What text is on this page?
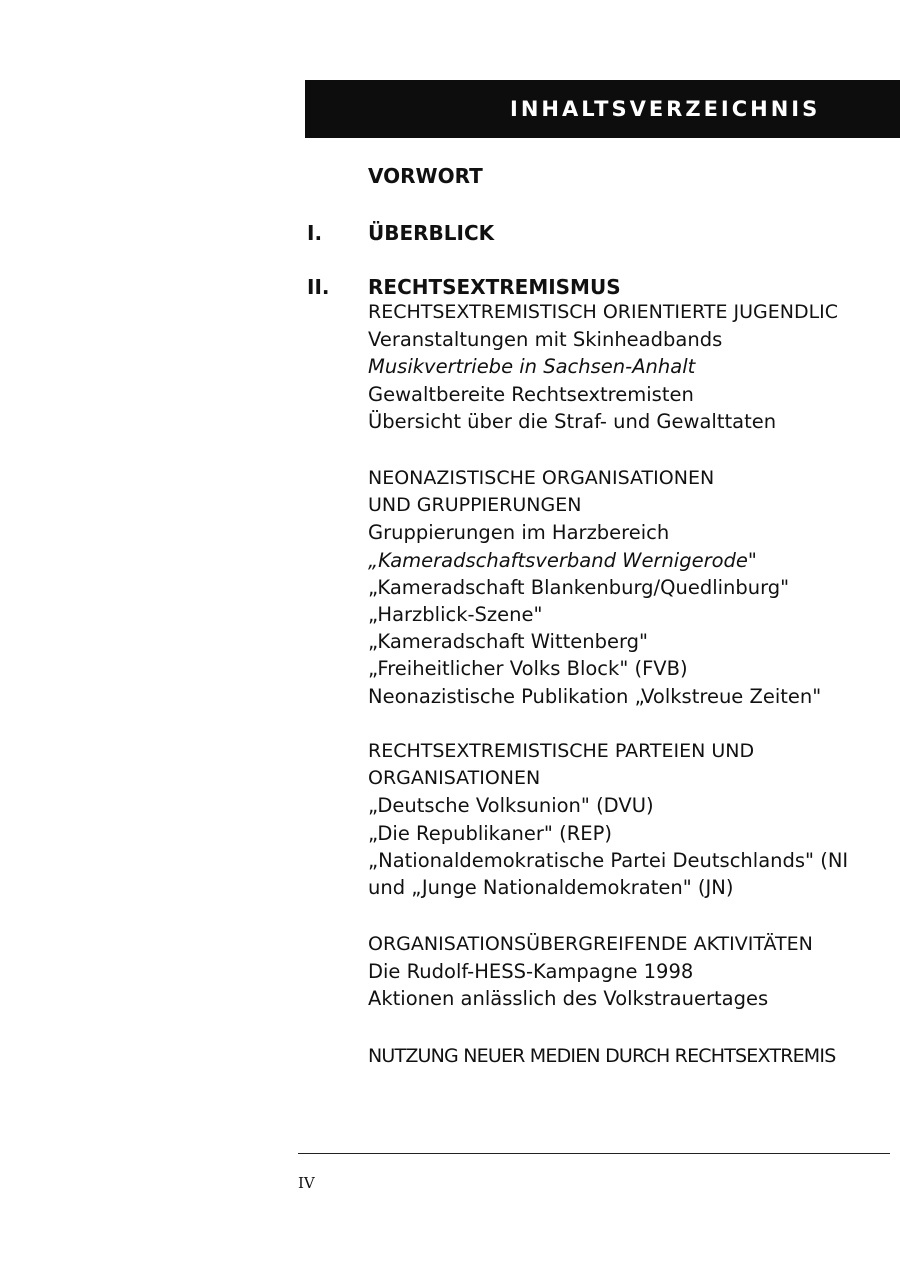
INHALTSVERZEICHNIS
VORWORT
I. ÜBERBLICK
II. RECHTSEXTREMISMUS
RECHTSEXTREMISTISCH ORIENTIERTE JUGENDLIC
Veranstaltungen mit Skinheadbands
Musikvertriebe in Sachsen-Anhalt
Gewaltbereite Rechtsextremisten
Übersicht über die Straf- und Gewalttaten
NEONAZISTISCHE ORGANISATIONEN
UND GRUPPIERUNGEN
Gruppierungen im Harzbereich
„Kameradschaftsverband Wernigerode"
„Kameradschaft Blankenburg/Quedlinburg"
„Harzblick-Szene"
„Kameradschaft Wittenberg"
„Freiheitlicher Volks Block" (FVB)
Neonazistische Publikation „Volkstreue Zeiten"
RECHTSEXTREMISTISCHE PARTEIEN UND
ORGANISATIONEN
„Deutsche Volksunion" (DVU)
„Die Republikaner" (REP)
„Nationaldemokratische Partei Deutschlands" (NI
und „Junge Nationaldemokraten" (JN)
ORGANISATIONSÜBERGREIFENDE AKTIVITÄTEN
Die Rudolf-HESS-Kampagne 1998
Aktionen anlässlich des Volkstrauertages
NUTZUNG NEUER MEDIEN DURCH RECHTSEXTREMIS
IV
